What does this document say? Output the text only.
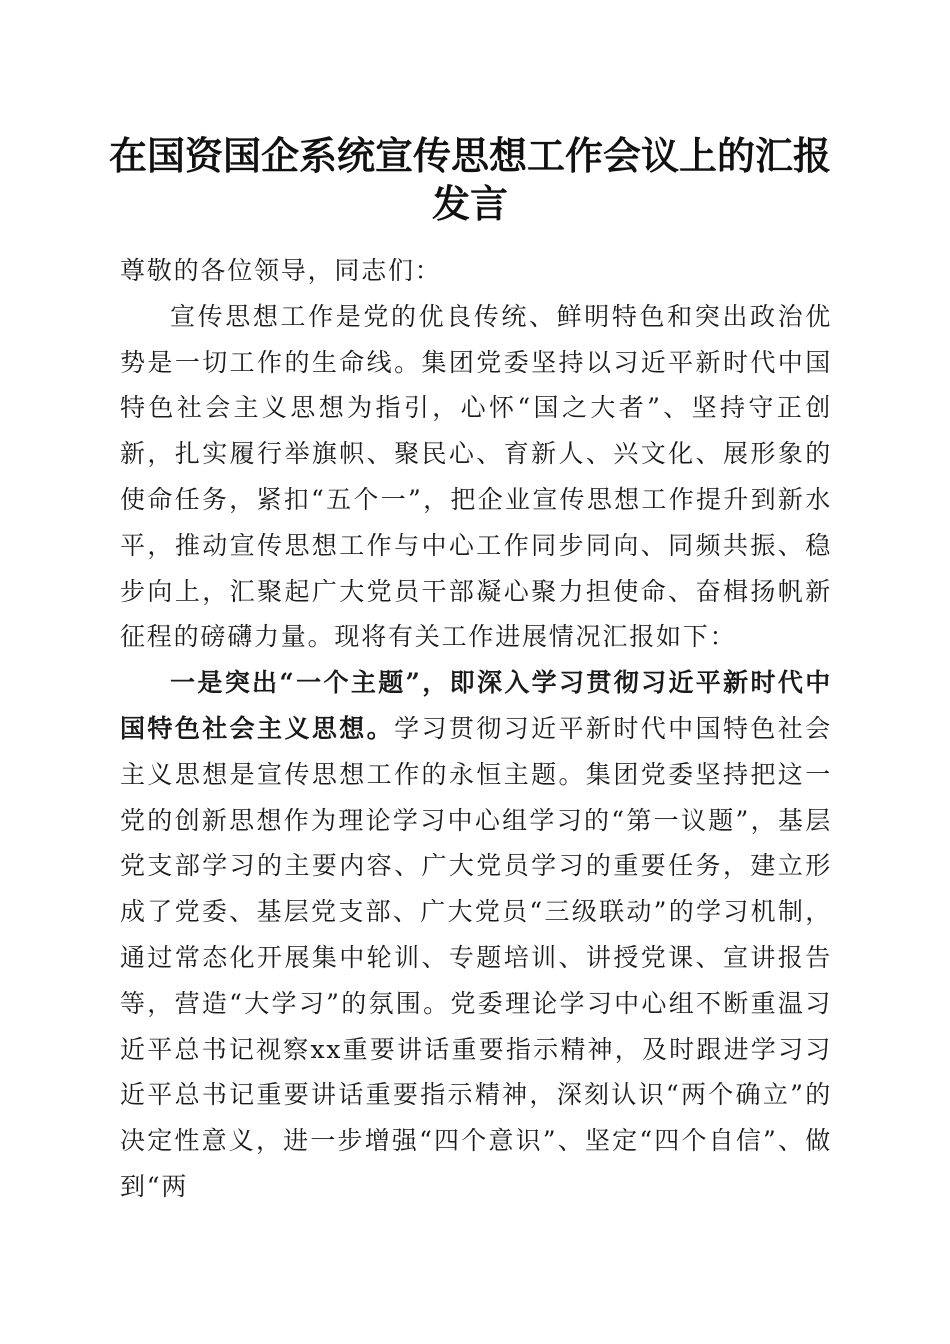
在国资国企系统宣传思想工作会议上的汇报发言

尊敬的各位领导，同志们：

宣传思想工作是党的优良传统、鲜明特色和突出政治优势是一切工作的生命线。集团党委坚持以习近平新时代中国特色社会主义思想为指引，心怀“国之大者”、坚持守正创新，扎实履行举旗帜、聚民心、育新人、兴文化、展形象的使命任务，紧扣“五个一”，把企业宣传思想工作提升到新水平，推动宣传思想工作与中心工作同步同向、同频共振、稳步向上，汇聚起广大党员干部凝心聚力担使命、奋楫扬帆新征程的磅礴力量。现将有关工作进展情况汇报如下：

一是突出“一个主题”，即深入学习贯彻习近平新时代中国特色社会主义思想。学习贯彻习近平新时代中国特色社会主义思想是宣传思想工作的永恒主题。集团党委坚持把这一党的创新思想作为理论学习中心组学习的“第一议题”，基层党支部学习的主要内容、广大党员学习的重要任务，建立形成了党委、基层党支部、广大党员“三级联动”的学习机制，通过常态化开展集中轮训、专题培训、讲授党课、宣讲报告等，营造“大学习”的氛围。党委理论学习中心组不断重温习近平总书记视察xx重要讲话重要指示精神，及时跟进学习习近平总书记重要讲话重要指示精神，深刻认识“两个确立”的决定性意义，进一步增强“四个意识”、坚定“四个自信”、做到“两
